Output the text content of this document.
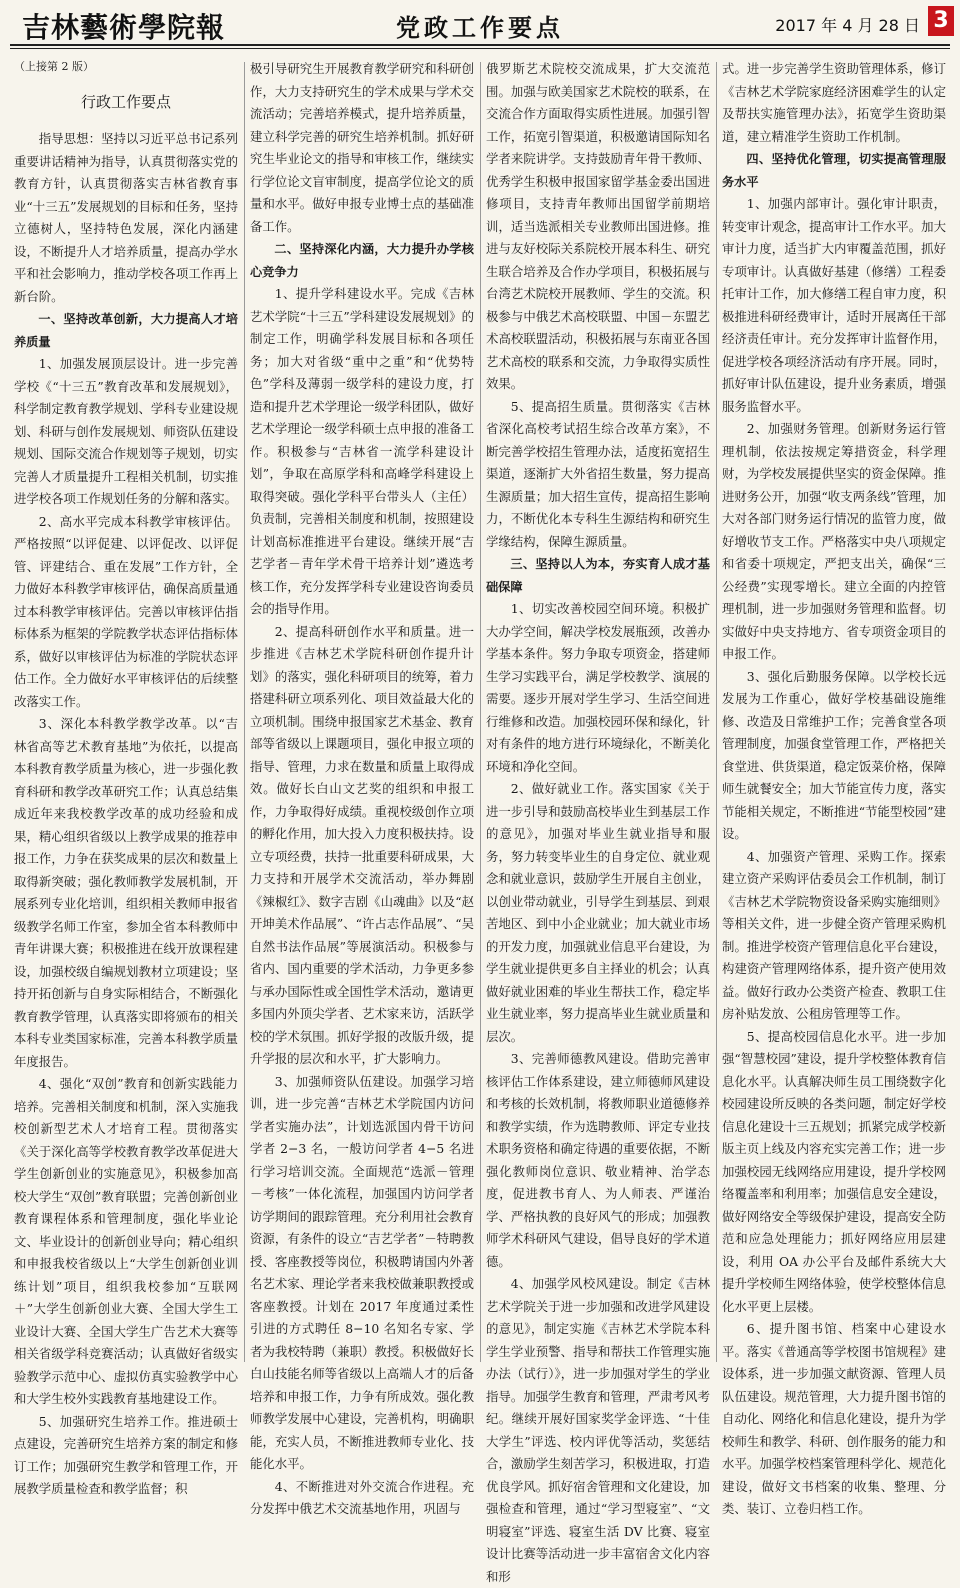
吉林藝術學院報	党政工作要点	2017 年 4 月 28 日 3

（上接第 2 版）

行政工作要点

指导思想：坚持以习近平总书记系列重要讲话精神为指导，认真贯彻落实党的教育方针，认真贯彻落实吉林省教育事业“十三五”发展规划的目标和任务，坚持立德树人，坚持特色发展，深化内涵建设，不断提升人才培养质量，提高办学水平和社会影响力，推动学校各项工作再上新台阶。

一、坚持改革创新，大力提高人才培养质量

1、加强发展顶层设计。进一步完善学校《“十三五”教育改革和发展规划》，科学制定教育教学规划、学科专业建设规划、科研与创作发展规划、师资队伍建设规划、国际交流合作规划等子规划，切实完善人才质量提升工程相关机制，切实推进学校各项工作规划任务的分解和落实。

2、高水平完成本科教学审核评估。严格按照“以评促建、以评促改、以评促管、评建结合、重在发展”工作方针，全力做好本科教学审核评估，确保高质量通过本科教学审核评估。完善以审核评估指标体系为框架的学院教学状态评估指标体系，做好以审核评估为标准的学院状态评估工作。全力做好水平审核评估的后续整改落实工作。

3、深化本科教学教学改革。以“吉林省高等艺术教育基地”为依托，以提高本科教育教学质量为核心，进一步强化教育科研和教学改革研究工作；认真总结集成近年来我校教学改革的成功经验和成果，精心组织省级以上教学成果的推荐申报工作，力争在获奖成果的层次和数量上取得新突破；强化教师教学发展机制，开展系列专业化培训，组织相关教师申报省级教学名师工作室，参加全省本科教师中青年讲课大赛；积极推进在线开放课程建设，加强校级自编规划教材立项建设；坚持开拓创新与自身实际相结合，不断强化教育教学管理，认真落实即将颁布的相关本科专业类国家标准，完善本科教学质量年度报告。

4、强化“双创”教育和创新实践能力培养。完善相关制度和机制，深入实施我校创新型艺术人才培育工程。贯彻落实《关于深化高等学校教育教学改革促进大学生创新创业的实施意见》，积极参加高校大学生“双创”教育联盟；完善创新创业教育课程体系和管理制度，强化毕业论文、毕业设计的创新创业导向；精心组织和申报我校省级以上“大学生创新创业训练计划”项目，组织我校参加“互联网＋”大学生创新创业大赛、全国大学生工业设计大赛、全国大学生广告艺术大赛等相关省级学科竞赛活动；认真做好省级实验教学示范中心、虚拟仿真实验教学中心和大学生校外实践教育基地建设工作。

5、加强研究生培养工作。推进硕士点建设，完善研究生培养方案的制定和修订工作；加强研究生教学和管理工作，开展教学质量检查和教学监督；积

极引导研究生开展教育教学研究和科研创作，大力支持研究生的学术成果与学术交流活动；完善培养模式，提升培养质量，建立科学完善的研究生培养机制。抓好研究生毕业论文的指导和审核工作，继续实行学位论文盲审制度，提高学位论文的质量和水平。做好申报专业博士点的基础准备工作。

二、坚持深化内涵，大力提升办学核心竞争力

1、提升学科建设水平。完成《吉林艺术学院“十三五”学科建设发展规划》的制定工作，明确学科发展目标和各项任务；加大对省级“重中之重”和“优势特色”学科及薄弱一级学科的建设力度，打造和提升艺术学理论一级学科团队，做好艺术学理论一级学科硕士点申报的准备工作。积极参与“吉林省一流学科建设计划”，争取在高原学科和高峰学科建设上取得突破。强化学科平台带头人（主任）负责制，完善相关制度和机制，按照建设计划高标准推进平台建设。继续开展“吉艺学者－青年学术骨干培养计划”遴选考核工作，充分发挥学科专业建设咨询委员会的指导作用。

2、提高科研创作水平和质量。进一步推进《吉林艺术学院科研创作提升计划》的落实，强化科研项目的统筹，着力搭建科研立项系列化、项目效益最大化的立项机制。围绕申报国家艺术基金、教育部等省级以上课题项目，强化申报立项的指导、管理，力求在数量和质量上取得成效。做好长白山文艺奖的组织和申报工作，力争取得好成绩。重视校级创作立项的孵化作用，加大投入力度积极扶持。设立专项经费，扶持一批重要科研成果，大力支持和开展学术交流活动，举办舞剧《辣椒红》、数字吉剧《山魂曲》以及“赵开坤美术作品展”、“许占志作品展”、“吴自然书法作品展”等展演活动。积极参与省内、国内重要的学术活动，力争更多参与承办国际性或全国性学术活动，邀请更多国内外顶尖学者、艺术家来访，活跃学校的学术氛围。抓好学报的改版升级，提升学报的层次和水平，扩大影响力。

3、加强师资队伍建设。加强学习培训，进一步完善“吉林艺术学院国内访问学者实施办法”，计划选派国内骨干访问学者 2−3 名，一般访问学者 4−5 名进行学习培训交流。全面规范“选派－管理－考核”一体化流程，加强国内访问学者访学期间的跟踪管理。充分利用社会教育资源，有条件的设立“吉艺学者”－特聘教授、客座教授等岗位，积极聘请国内外著名艺术家、理论学者来我校做兼职教授或客座教授。计划在 2017 年度通过柔性引进的方式聘任 8−10 名知名专家、学者为我校特聘（兼职）教授。积极做好长白山技能名师等省级以上高端人才的后备培养和申报工作，力争有所成效。强化教师教学发展中心建设，完善机构，明确职能，充实人员，不断推进教师专业化、技能化水平。

4、不断推进对外交流合作进程。充分发挥中俄艺术交流基地作用，巩固与

俄罗斯艺术院校交流成果，扩大交流范围。加强与欧美国家艺术院校的联系，在交流合作方面取得实质性进展。加强引智工作，拓宽引智渠道，积极邀请国际知名学者来院讲学。支持鼓励青年骨干教师、优秀学生积极申报国家留学基金委出国进修项目，支持青年教师出国留学前期培训，适当选派相关专业教师出国进修。推进与友好校际关系院校开展本科生、研究生联合培养及合作办学项目，积极拓展与台湾艺术院校开展教师、学生的交流。积极参与中俄艺术高校联盟、中国－东盟艺术高校联盟活动，积极拓展与东南亚各国艺术高校的联系和交流，力争取得实质性效果。

5、提高招生质量。贯彻落实《吉林省深化高校考试招生综合改革方案》，不断完善学校招生管理办法，适度拓宽招生渠道，逐渐扩大外省招生数量，努力提高生源质量；加大招生宣传，提高招生影响力，不断优化本专科生生源结构和研究生学缘结构，保障生源质量。

三、坚持以人为本，夯实育人成才基础保障

1、切实改善校园空间环境。积极扩大办学空间，解决学校发展瓶颈，改善办学基本条件。努力争取专项资金，搭建师生学习实践平台，满足学校教学、演展的需要。逐步开展对学生学习、生活空间进行维修和改造。加强校园环保和绿化，针对有条件的地方进行环境绿化，不断美化环境和净化空间。

2、做好就业工作。落实国家《关于进一步引导和鼓励高校毕业生到基层工作的意见》，加强对毕业生就业指导和服务，努力转变毕业生的自身定位、就业观念和就业意识，鼓励学生开展自主创业，以创业带动就业，引导学生到基层、到艰苦地区、到中小企业就业；加大就业市场的开发力度，加强就业信息平台建设，为学生就业提供更多自主择业的机会；认真做好就业困难的毕业生帮扶工作，稳定毕业生就业率，努力提高毕业生就业质量和层次。

3、完善师德教风建设。借助完善审核评估工作体系建设，建立师德师风建设和考核的长效机制，将教师职业道德修养和教学实绩，作为选聘教师、评定专业技术职务资格和确定待遇的重要依据，不断强化教师岗位意识、敬业精神、治学态度，促进教书育人、为人师表、严谨治学、严格执教的良好风气的形成；加强教师学术科研风气建设，倡导良好的学术道德。

4、加强学风校风建设。制定《吉林艺术学院关于进一步加强和改进学风建设的意见》，制定实施《吉林艺术学院本科学生学业预警、指导和帮扶工作管理实施办法（试行）》，进一步加强对学生的学业指导。加强学生教育和管理，严肃考风考纪。继续开展好国家奖学金评选、“十佳大学生”评选、校内评优等活动，奖惩结合，激励学生刻苦学习，积极进取，打造优良学风。抓好宿舍管理和文化建设，加强检查和管理，通过“学习型寝室”、“文明寝室”评选、寝室生活 DV 比赛、寝室设计比赛等活动进一步丰富宿舍文化内容和形

式。进一步完善学生资助管理体系，修订《吉林艺术学院家庭经济困难学生的认定及帮扶实施管理办法》，拓宽学生资助渠道，建立精准学生资助工作机制。

四、坚持优化管理，切实提高管理服务水平

1、加强内部审计。强化审计职责，转变审计观念，提高审计工作水平。加大审计力度，适当扩大内审覆盖范围，抓好专项审计。认真做好基建（修缮）工程委托审计工作，加大修缮工程自审力度，积极推进科研经费审计，适时开展离任干部经济责任审计。充分发挥审计监督作用，促进学校各项经济活动有序开展。同时，抓好审计队伍建设，提升业务素质，增强服务监督水平。

2、加强财务管理。创新财务运行管理机制，依法按规定筹措资金，科学理财，为学校发展提供坚实的资金保障。推进财务公开，加强“收支两条线”管理，加大对各部门财务运行情况的监管力度，做好增收节支工作。严格落实中央八项规定和省委十项规定，严把支出关，确保“三公经费”实现零增长。建立全面的内控管理机制，进一步加强财务管理和监督。切实做好中央支持地方、省专项资金项目的申报工作。

3、强化后勤服务保障。以学校长远发展为工作重心，做好学校基础设施维修、改造及日常维护工作；完善食堂各项管理制度，加强食堂管理工作，严格把关食堂进、供货渠道，稳定饭菜价格，保障师生就餐安全；加大节能宣传力度，落实节能相关规定，不断推进“节能型校园”建设。

4、加强资产管理、采购工作。探索建立资产采购评估委员会工作机制，制订《吉林艺术学院物资设备采购实施细则》等相关文件，进一步健全资产管理采购机制。推进学校资产管理信息化平台建设，构建资产管理网络体系，提升资产使用效益。做好行政办公类资产检查、教职工住房补贴发放、公租房管理等工作。

5、提高校园信息化水平。进一步加强“智慧校园”建设，提升学校整体教育信息化水平。认真解决师生员工围绕数字化校园建设所反映的各类问题，制定好学校信息化建设十三五规划；抓紧完成学校新版主页上线及内容充实完善工作；进一步加强校园无线网络应用建设，提升学校网络覆盖率和利用率；加强信息安全建设，做好网络安全等级保护建设，提高安全防范和应急处理能力；抓好网络应用层建设，利用 OA 办公平台及邮件系统大大提升学校师生网络体验，使学校整体信息化水平更上层楼。

6、提升图书馆、档案中心建设水平。落实《普通高等学校图书馆规程》建设体系，进一步加强文献资源、管理人员队伍建设。规范管理，大力提升图书馆的自动化、网络化和信息化建设，提升为学校师生和教学、科研、创作服务的能力和水平。加强学校档案管理科学化、规范化建设，做好文书档案的收集、整理、分类、装订、立卷归档工作。
